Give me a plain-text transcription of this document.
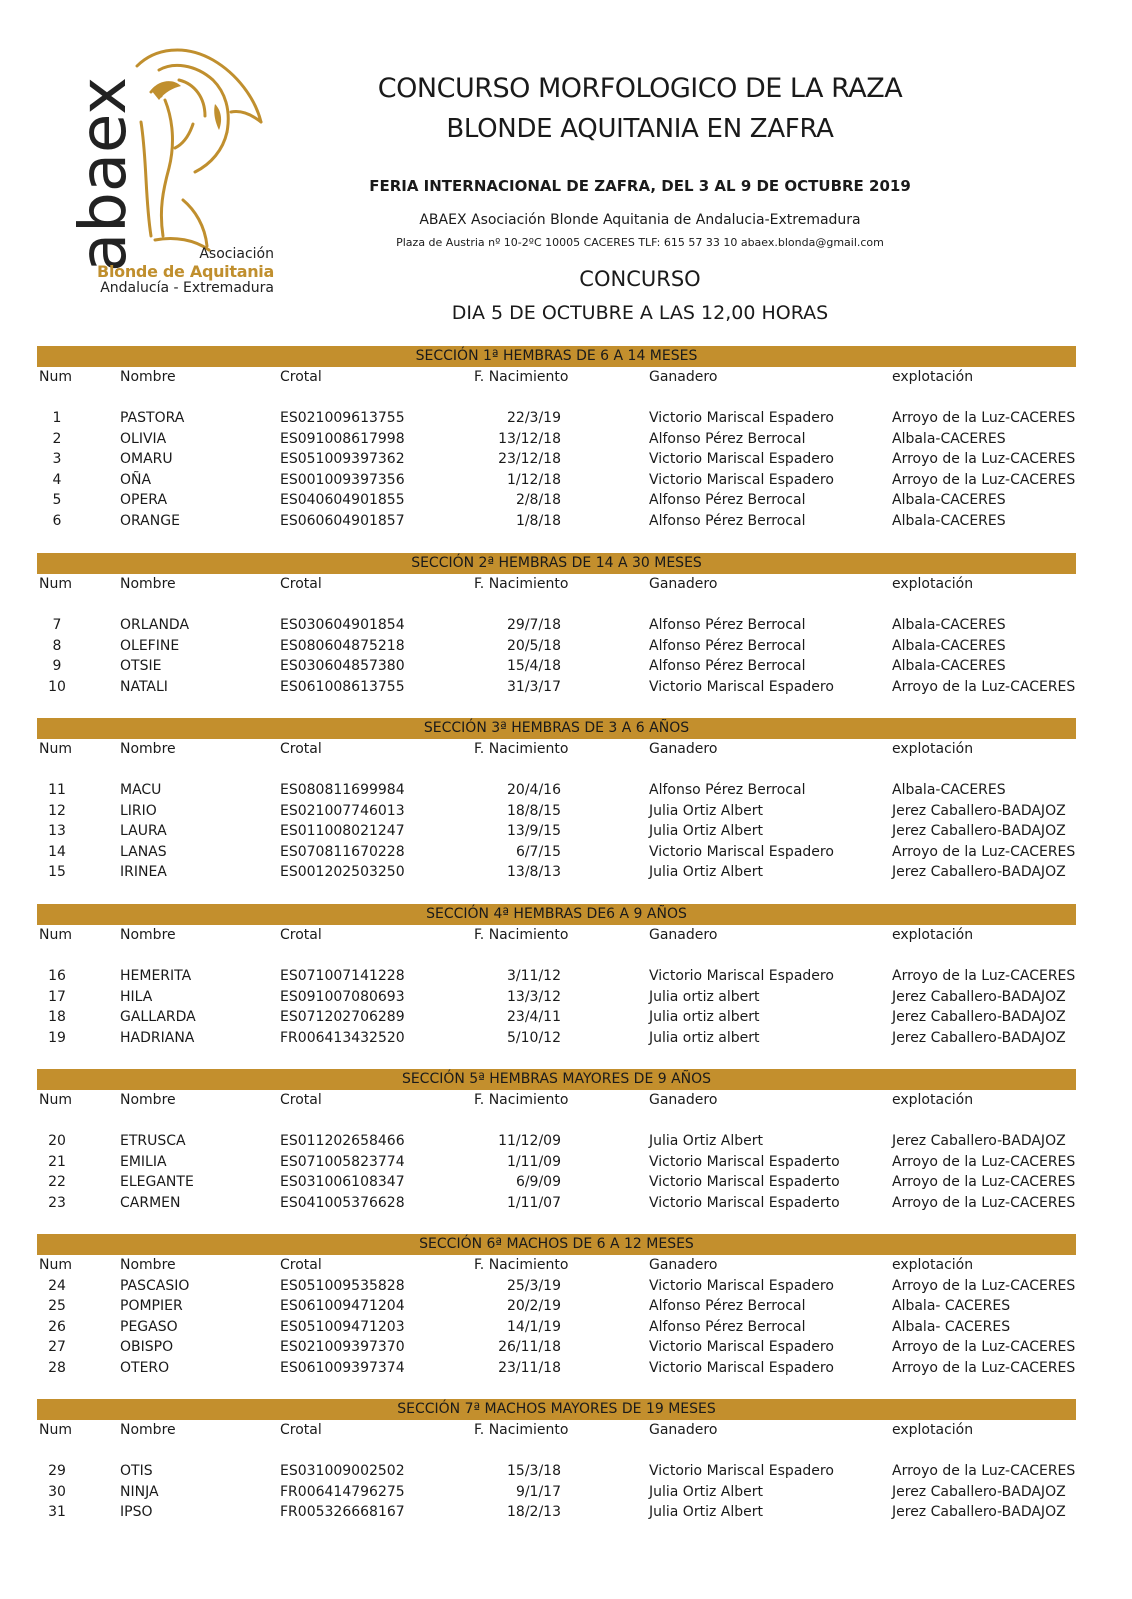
abaex	Asociación
Blonde de Aquitania
Andalucía - Extremadura
CONCURSO MORFOLOGICO DE LA RAZA
BLONDE AQUITANIA EN ZAFRA
FERIA INTERNACIONAL DE ZAFRA, DEL 3 AL 9 DE OCTUBRE 2019
ABAEX Asociación Blonde Aquitania de Andalucia-Extremadura
Plaza de Austria nº 10-2ºC 10005 CACERES TLF: 615 57 33 10 abaex.blonda@gmail.com
CONCURSO
DIA 5 DE OCTUBRE A LAS 12,00 HORAS
SECCIÓN 1ª HEMBRAS DE 6 A 14 MESES
Num	Nombre	Crotal	F. Nacimiento	Ganadero	explotación
1	PASTORA	ES021009613755	22/3/19	Victorio Mariscal Espadero	Arroyo de la Luz-CACERES
2	OLIVIA	ES091008617998	13/12/18	Alfonso Pérez Berrocal	Albala-CACERES
3	OMARU	ES051009397362	23/12/18	Victorio Mariscal Espadero	Arroyo de la Luz-CACERES
4	OÑA	ES001009397356	1/12/18	Victorio Mariscal Espadero	Arroyo de la Luz-CACERES
5	OPERA	ES040604901855	2/8/18	Alfonso Pérez Berrocal	Albala-CACERES
6	ORANGE	ES060604901857	1/8/18	Alfonso Pérez Berrocal	Albala-CACERES
SECCIÓN 2ª HEMBRAS DE 14 A 30 MESES
Num	Nombre	Crotal	F. Nacimiento	Ganadero	explotación
7	ORLANDA	ES030604901854	29/7/18	Alfonso Pérez Berrocal	Albala-CACERES
8	OLEFINE	ES080604875218	20/5/18	Alfonso Pérez Berrocal	Albala-CACERES
9	OTSIE	ES030604857380	15/4/18	Alfonso Pérez Berrocal	Albala-CACERES
10	NATALI	ES061008613755	31/3/17	Victorio Mariscal Espadero	Arroyo de la Luz-CACERES
SECCIÓN 3ª HEMBRAS DE 3 A 6 AÑOS
Num	Nombre	Crotal	F. Nacimiento	Ganadero	explotación
11	MACU	ES080811699984	20/4/16	Alfonso Pérez Berrocal	Albala-CACERES
12	LIRIO	ES021007746013	18/8/15	Julia Ortiz Albert	Jerez Caballero-BADAJOZ
13	LAURA	ES011008021247	13/9/15	Julia Ortiz Albert	Jerez Caballero-BADAJOZ
14	LANAS	ES070811670228	6/7/15	Victorio Mariscal Espadero	Arroyo de la Luz-CACERES
15	IRINEA	ES001202503250	13/8/13	Julia Ortiz Albert	Jerez Caballero-BADAJOZ
SECCIÓN 4ª HEMBRAS DE6 A 9 AÑOS
Num	Nombre	Crotal	F. Nacimiento	Ganadero	explotación
16	HEMERITA	ES071007141228	3/11/12	Victorio Mariscal Espadero	Arroyo de la Luz-CACERES
17	HILA	ES091007080693	13/3/12	Julia ortiz albert	Jerez Caballero-BADAJOZ
18	GALLARDA	ES071202706289	23/4/11	Julia ortiz albert	Jerez Caballero-BADAJOZ
19	HADRIANA	FR006413432520	5/10/12	Julia ortiz albert	Jerez Caballero-BADAJOZ
SECCIÓN 5ª HEMBRAS MAYORES DE 9 AÑOS
Num	Nombre	Crotal	F. Nacimiento	Ganadero	explotación
20	ETRUSCA	ES011202658466	11/12/09	Julia Ortiz Albert	Jerez Caballero-BADAJOZ
21	EMILIA	ES071005823774	1/11/09	Victorio Mariscal Espaderto	Arroyo de la Luz-CACERES
22	ELEGANTE	ES031006108347	6/9/09	Victorio Mariscal Espaderto	Arroyo de la Luz-CACERES
23	CARMEN	ES041005376628	1/11/07	Victorio Mariscal Espaderto	Arroyo de la Luz-CACERES
SECCIÓN 6ª MACHOS DE 6 A 12 MESES
Num	Nombre	Crotal	F. Nacimiento	Ganadero	explotación
24	PASCASIO	ES051009535828	25/3/19	Victorio Mariscal Espadero	Arroyo de la Luz-CACERES
25	POMPIER	ES061009471204	20/2/19	Alfonso Pérez Berrocal	Albala- CACERES
26	PEGASO	ES051009471203	14/1/19	Alfonso Pérez Berrocal	Albala- CACERES
27	OBISPO	ES021009397370	26/11/18	Victorio Mariscal Espadero	Arroyo de la Luz-CACERES
28	OTERO	ES061009397374	23/11/18	Victorio Mariscal Espadero	Arroyo de la Luz-CACERES
SECCIÓN 7ª MACHOS MAYORES DE 19 MESES
Num	Nombre	Crotal	F. Nacimiento	Ganadero	explotación
29	OTIS	ES031009002502	15/3/18	Victorio Mariscal Espadero	Arroyo de la Luz-CACERES
30	NINJA	FR006414796275	9/1/17	Julia Ortiz Albert	Jerez Caballero-BADAJOZ
31	IPSO	FR005326668167	18/2/13	Julia Ortiz Albert	Jerez Caballero-BADAJOZ
